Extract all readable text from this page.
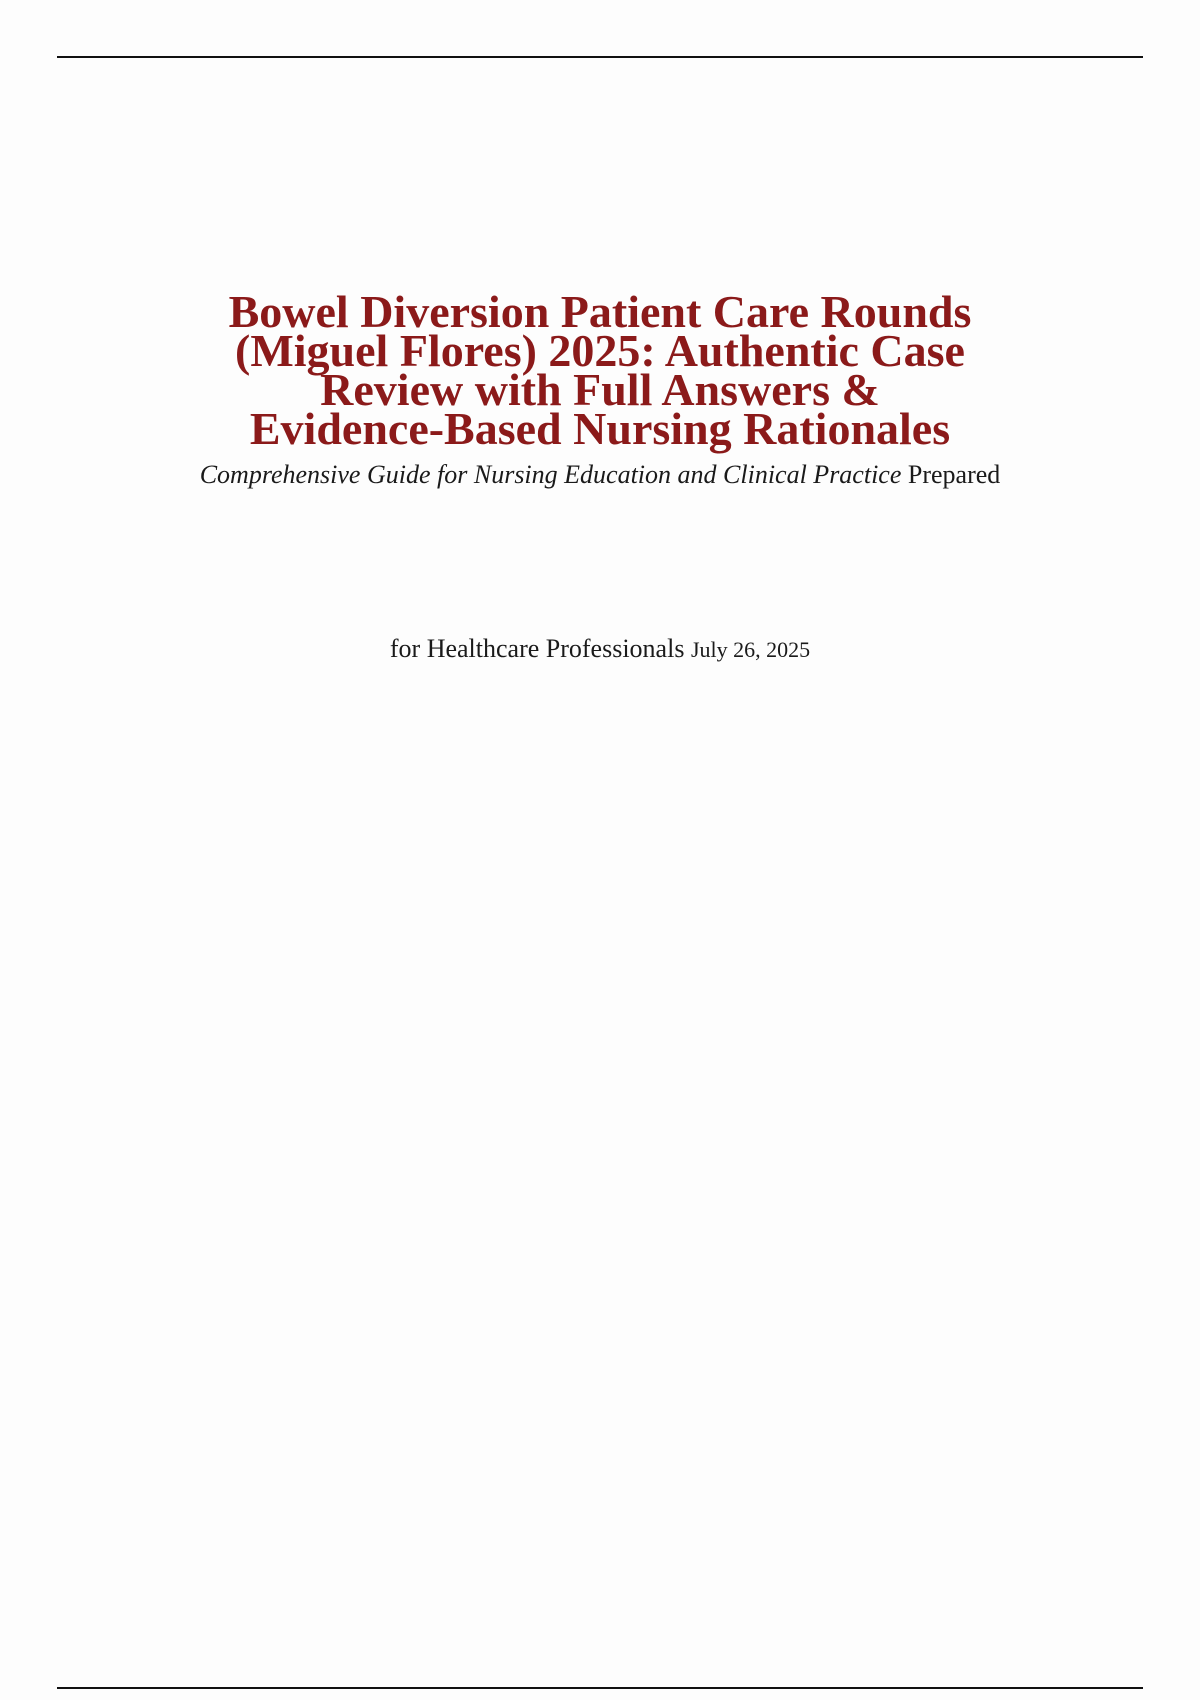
Bowel Diversion Patient Care Rounds
(Miguel Flores) 2025: Authentic Case
Review with Full Answers &
Evidence-Based Nursing Rationales
Comprehensive Guide for Nursing Education and Clinical Practice Prepared
for Healthcare Professionals July 26, 2025
